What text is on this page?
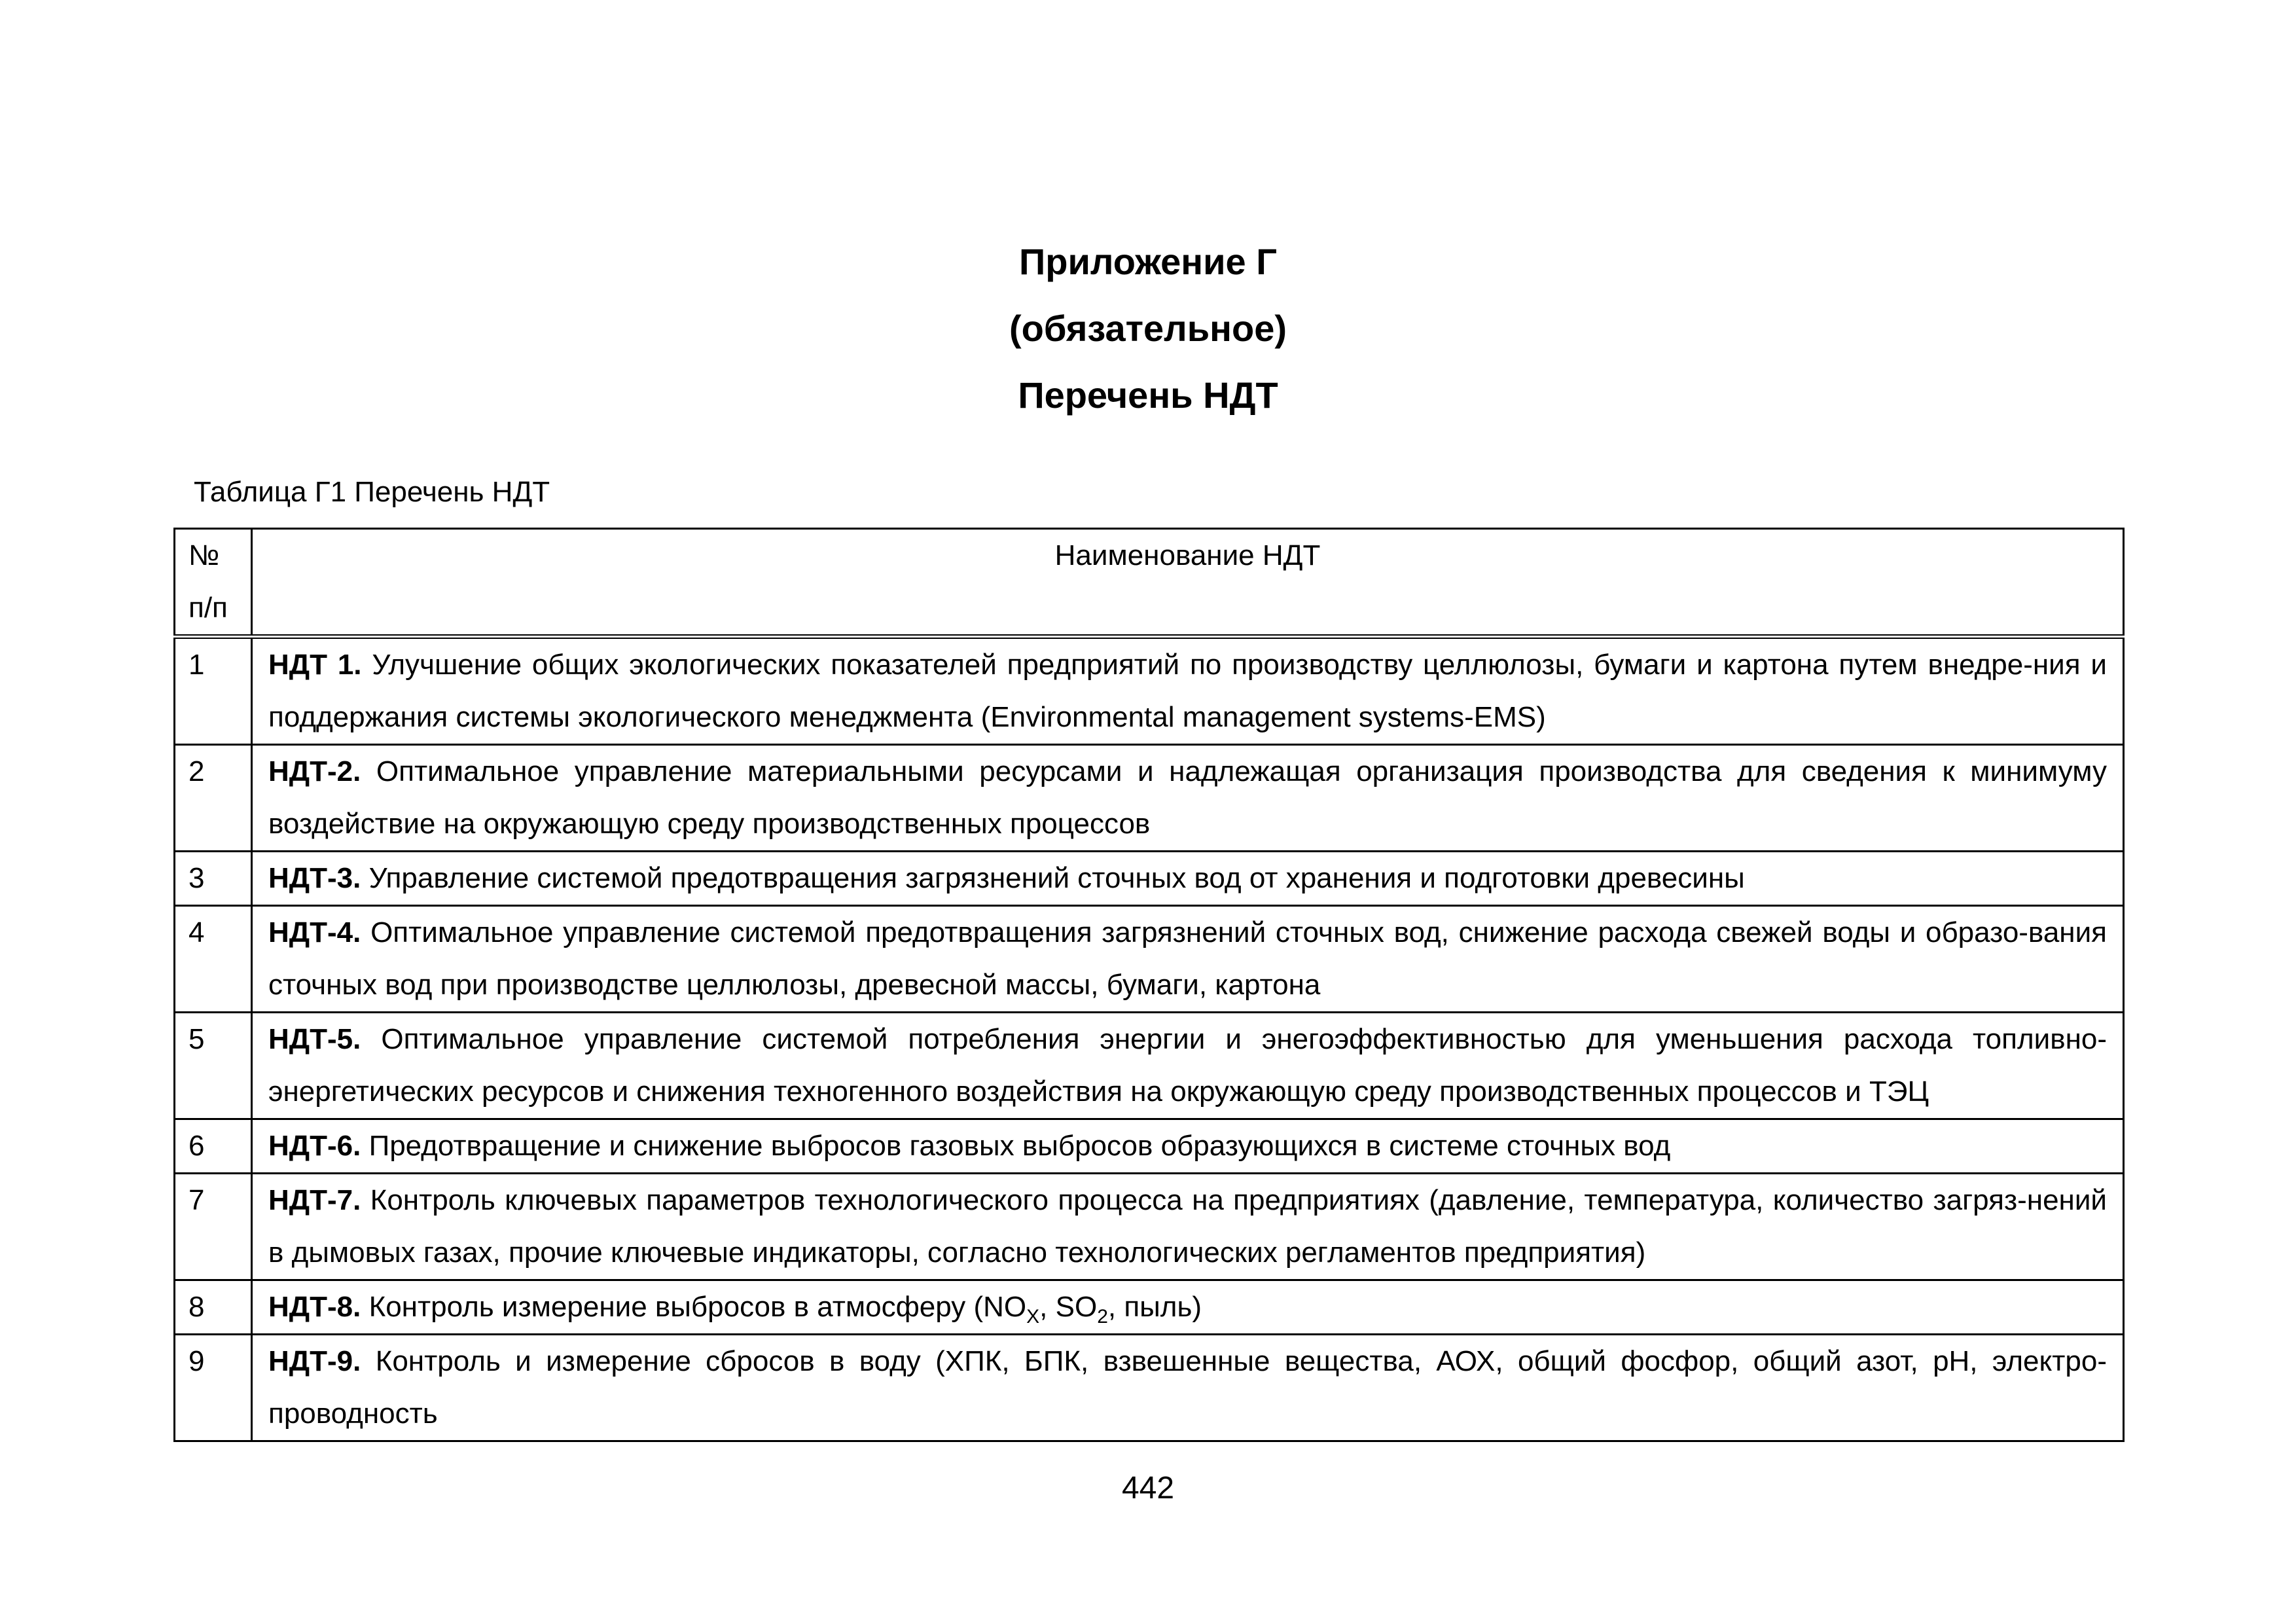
Приложение Г
(обязательное)
Перечень НДТ
Таблица Г1 Перечень НДТ
№ п/п	Наименование НДТ
1	НДТ 1. Улучшение общих экологических показателей предприятий по производству целлюлозы, бумаги и картона путем внедре-ния и поддержания системы экологического менеджмента (Environmental management systems-EMS)
2	НДТ-2. Оптимальное управление материальными ресурсами и надлежащая организация производства для сведения к минимуму воздействие на окружающую среду производственных процессов
3	НДТ-3. Управление системой предотвращения загрязнений сточных вод от хранения и подготовки древесины
4	НДТ-4. Оптимальное управление системой предотвращения загрязнений сточных вод, снижение расхода свежей воды и образо-вания сточных вод при производстве целлюлозы, древесной массы, бумаги, картона
5	НДТ-5. Оптимальное управление системой потребления энергии и энегоэффективностью для уменьшения расхода топливно-энергетических ресурсов и снижения техногенного воздействия на окружающую среду производственных процессов и ТЭЦ
6	НДТ-6. Предотвращение и снижение выбросов газовых выбросов образующихся в системе сточных вод
7	НДТ-7. Контроль ключевых параметров технологического процесса на предприятиях (давление, температура, количество загряз-нений в дымовых газах, прочие ключевые индикаторы, согласно технологических регламентов предприятия)
8	НДТ-8. Контроль измерение выбросов в атмосферу ($NO_X$, $SO_2$, пыль)
9	НДТ-9. Контроль и измерение сбросов в воду (ХПК, БПК, взвешенные вещества, АОХ, общий фосфор, общий азот, pH, электро-проводность
442
